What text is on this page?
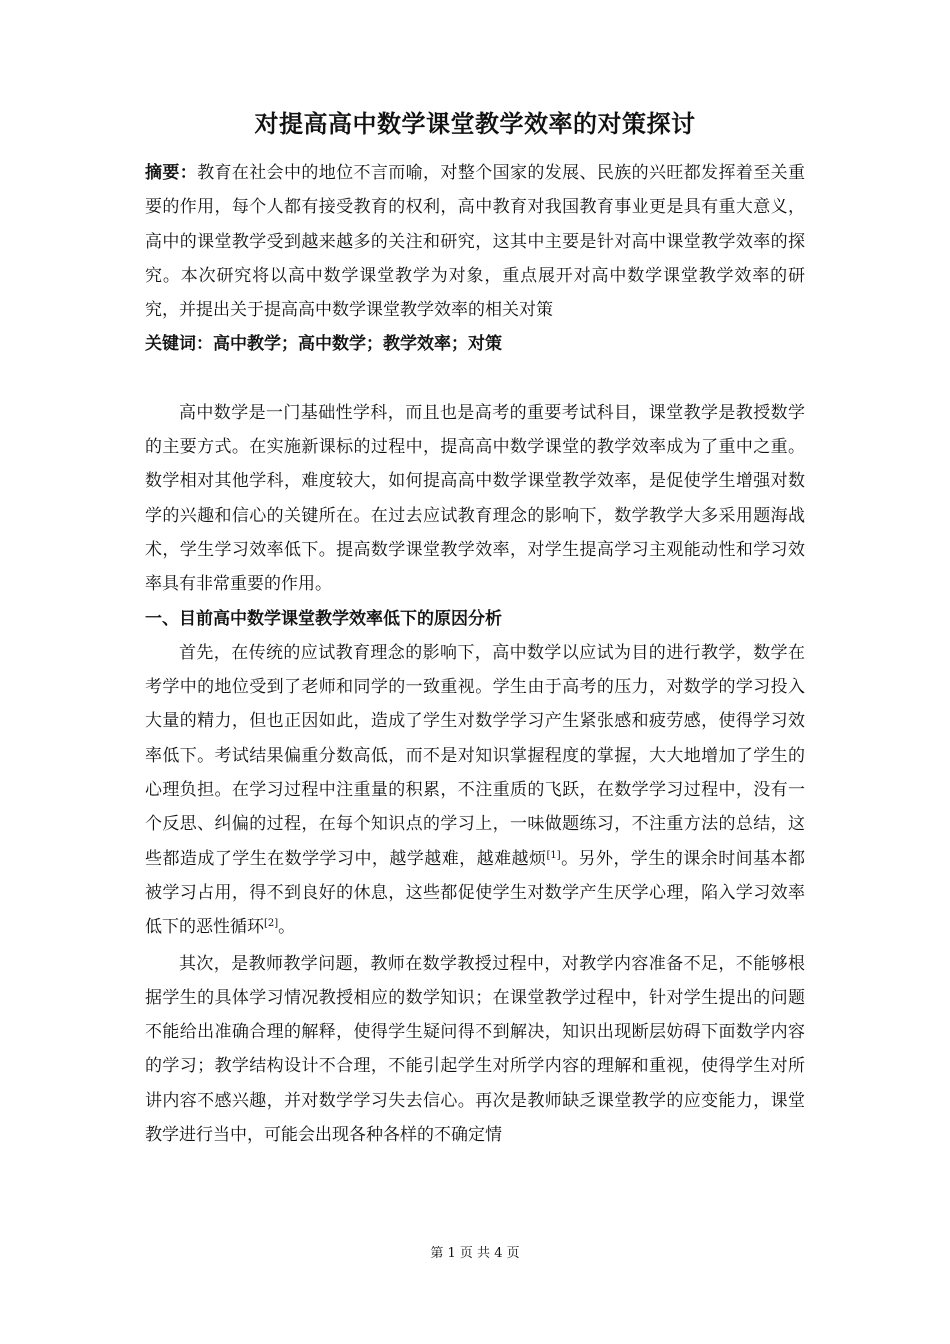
对提高高中数学课堂教学效率的对策探讨

摘要：教育在社会中的地位不言而喻，对整个国家的发展、民族的兴旺都发挥着至关重要的作用，每个人都有接受教育的权利，高中教育对我国教育事业更是具有重大意义，高中的课堂教学受到越来越多的关注和研究，这其中主要是针对高中课堂教学效率的探究。本次研究将以高中数学课堂教学为对象，重点展开对高中数学课堂教学效率的研究，并提出关于提高高中数学课堂教学效率的相关对策

关键词：高中教学；高中数学；教学效率；对策

高中数学是一门基础性学科，而且也是高考的重要考试科目，课堂教学是教授数学的主要方式。在实施新课标的过程中，提高高中数学课堂的教学效率成为了重中之重。数学相对其他学科，难度较大，如何提高高中数学课堂教学效率，是促使学生增强对数学的兴趣和信心的关键所在。在过去应试教育理念的影响下，数学教学大多采用题海战术，学生学习效率低下。提高数学课堂教学效率，对学生提高学习主观能动性和学习效率具有非常重要的作用。

一、目前高中数学课堂教学效率低下的原因分析

首先，在传统的应试教育理念的影响下，高中数学以应试为目的进行教学，数学在考学中的地位受到了老师和同学的一致重视。学生由于高考的压力，对数学的学习投入大量的精力，但也正因如此，造成了学生对数学学习产生紧张感和疲劳感，使得学习效率低下。考试结果偏重分数高低，而不是对知识掌握程度的掌握，大大地增加了学生的心理负担。在学习过程中注重量的积累，不注重质的飞跃，在数学学习过程中，没有一个反思、纠偏的过程，在每个知识点的学习上，一味做题练习，不注重方法的总结，这些都造成了学生在数学学习中，越学越难，越难越烦[1]。另外，学生的课余时间基本都被学习占用，得不到良好的休息，这些都促使学生对数学产生厌学心理，陷入学习效率低下的恶性循环[2]。

其次，是教师教学问题，教师在数学教授过程中，对教学内容准备不足，不能够根据学生的具体学习情况教授相应的数学知识；在课堂教学过程中，针对学生提出的问题不能给出准确合理的解释，使得学生疑问得不到解决，知识出现断层妨碍下面数学内容的学习；教学结构设计不合理，不能引起学生对所学内容的理解和重视，使得学生对所讲内容不感兴趣，并对数学学习失去信心。再次是教师缺乏课堂教学的应变能力，课堂教学进行当中，可能会出现各种各样的不确定情

第 1 页 共 4 页
